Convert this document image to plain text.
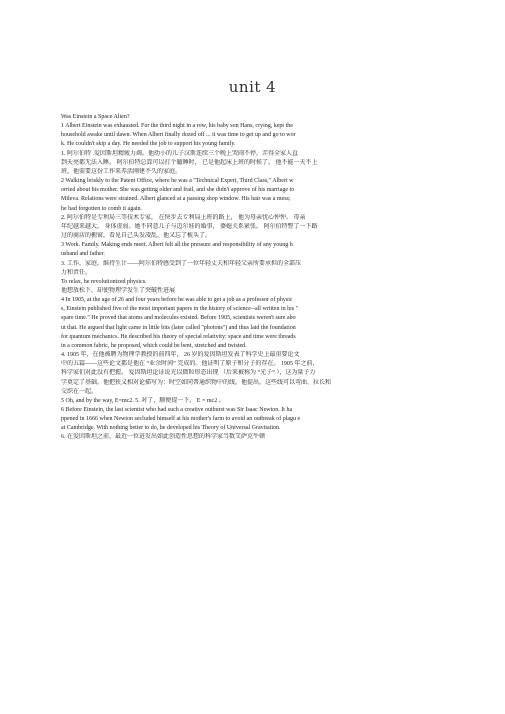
unit 4
Was Einstein a Space Alien?
1 Albert Einstein was exhausted. For the third night in a row, his baby son Hans, crying, kept the
household awake until dawn. When Albert finally dozed off ... it was time to get up and go to wor
k. He couldn't skip a day. He needed the job to support his young family.
1. 阿尔伯特 .爱因斯坦精疲力竭。他幼小的儿子汉斯连续三个晚上哭闹不停，弄得全家人直
到天亮都无法入睡。 阿尔伯特总算可以打个瞌睡时， 已是他起床上班的时候了。 他不能一天不上
班，他需要这份工作来养活刚建不久的家庭。
2 Walking briskly to the Patent Office, where he was a "Technical Expert, Third Class," Albert w
orried about his mother. She was getting older and frail, and she didn't approve of his marriage to
Mileva. Relations were strained. Albert glanced at a passing shop window. His hair was a mess;
he had forgotten to comb it again.
2. 阿尔伯特是专利局三等技术专家， 在快步去专利局上班的路上， 他为母亲忧心忡忡。 母亲
年纪越来越大， 身体虚弱。她不同意儿子与迈尔娃的婚事， 婆媳关系紧张。 阿尔伯特瞥了一下路
过的商店的橱窗，看见自己头发凌乱，他又忘了梳头了。
3 Work. Family. Making ends meet. Albert felt all the pressure and responsibility of any young h
usband and father.
3. 工作，家庭，维持生计——阿尔伯特感受到了一位年轻丈夫和年轻父亲所要承担的全部压
力和责任。
To relax, he revolutionized physics.
他想放松下，却使物理学发生了突破性进展
4 In 1905, at the age of 26 and four years before he was able to get a job as a professor of physic
s, Einstein published five of the most important papers in the history of science--all written in his "
spare time." He proved that atoms and molecules existed. Before 1905, scientists weren't sure abo
ut that. He argued that light came in little bits (later called "photons") and thus laid the foundation
for quantum mechanics. He described his theory of special relativity: space and time were threads
in a common fabric, he proposed, which could be bent, stretched and twisted.
4. 1905 年，在他被聘为物理学教授的前四年， 26 岁的爱因斯坦发表了科学史上最重要论文
中的五篇——这些论文都是他在 “业余时间” 完成的。他证明了原子和分子的存在。 1905 年之前，
科学家们对此没有把握。 爱因斯坦论证说光以微粒形态出现 （后来被称为 “光子” ），这为量子力
学奠定了基础。他把狭义相对论描写为：时空如同普通织物中的线，他提出，这些线可以弯曲、拉长和
交织在一起。
5 Oh, and by the way, E=mc2. 5. 对了，顺便提一下， E = mc2 。
6 Before Einstein, the last scientist who had such a creative outburst was Sir Isaac Newton. It ha
ppened in 1666 when Newton secluded himself at his mother's farm to avoid an outbreak of plagu e
at Cambridge. With nothing better to do, he developed his Theory of Universal Gravitation.
6. 在爱因斯坦之前，最近一位迸发出如此创造性思想的科学家当数艾萨克牛顿
